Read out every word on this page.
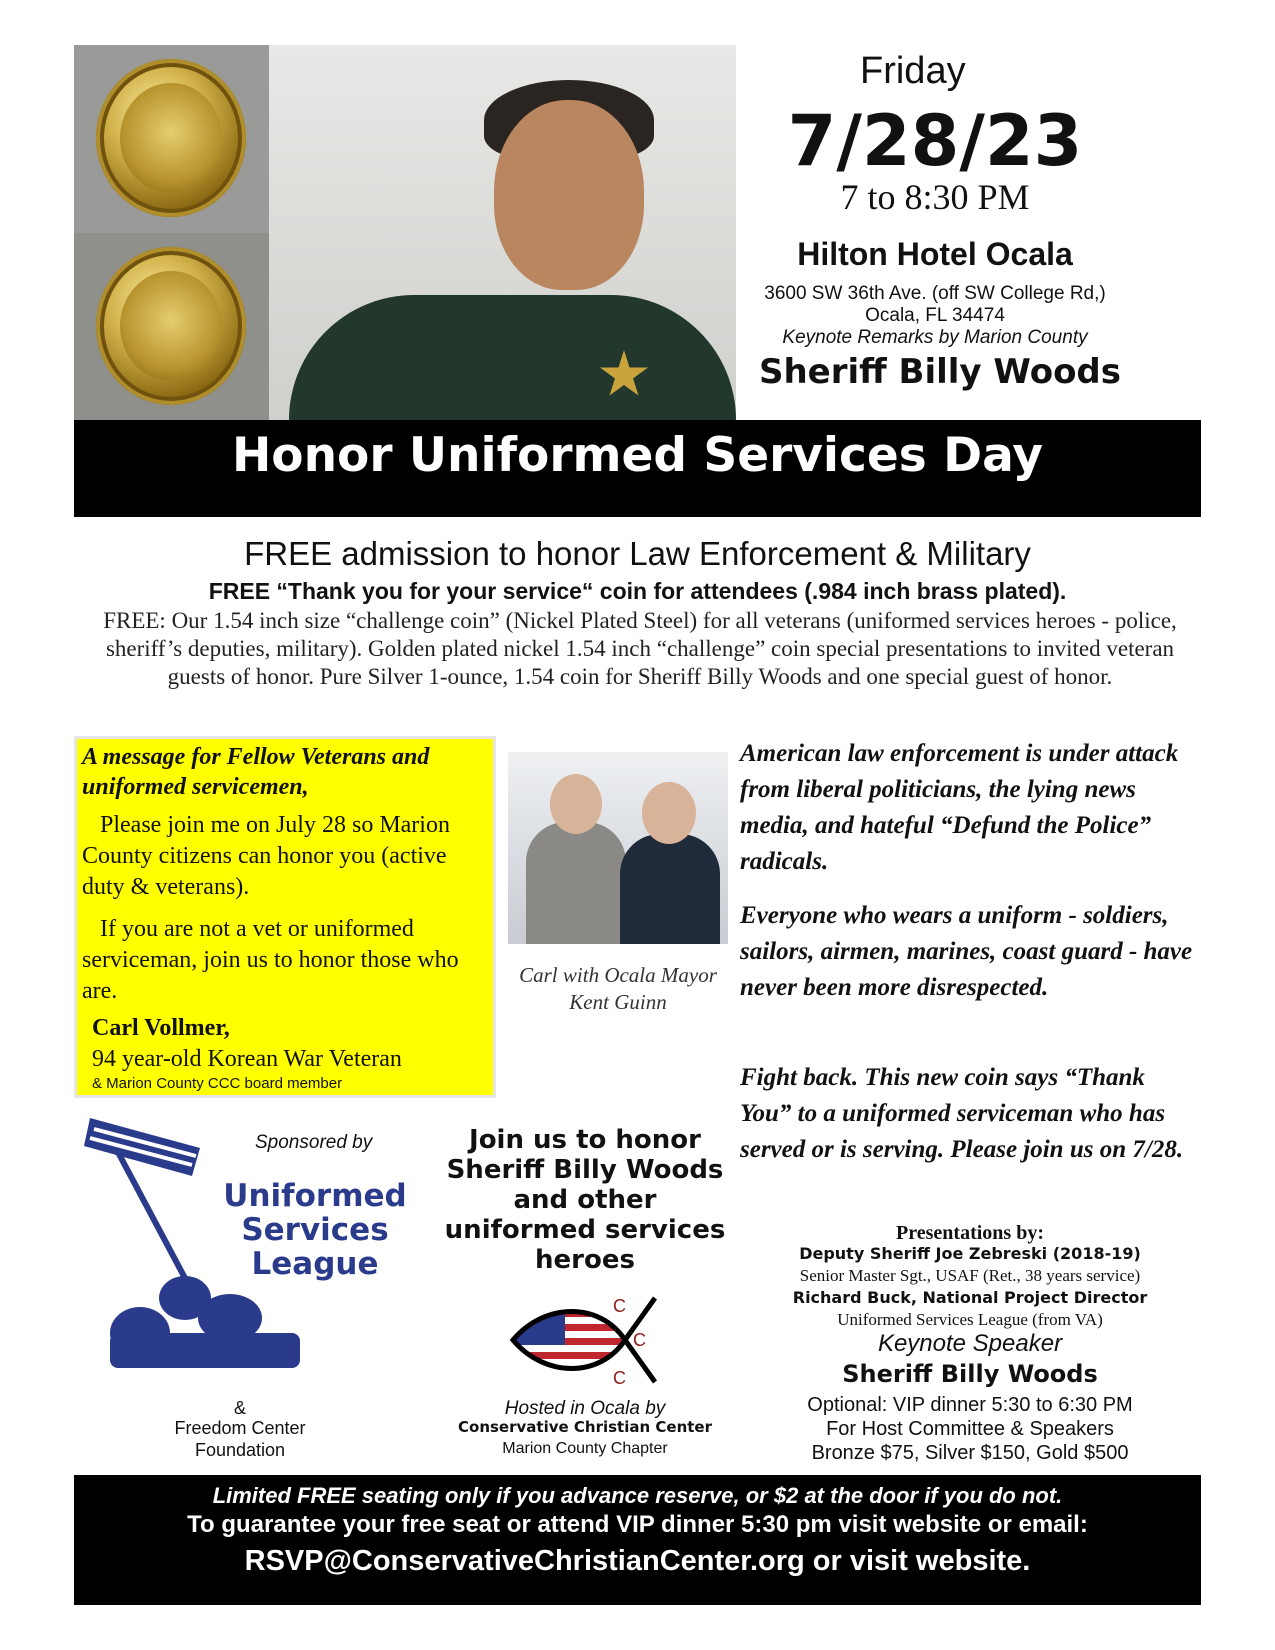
Friday
7/28/23
7 to 8:30 PM
Hilton Hotel Ocala
3600 SW 36th Ave. (off SW College Rd,)
Ocala, FL 34474
Keynote Remarks by Marion County
Sheriff Billy Woods
Honor Uniformed Services Day
FREE admission to honor Law Enforcement & Military
FREE “Thank you for your service“ coin for attendees (.984 inch brass plated).
FREE: Our 1.54 inch size “challenge coin” (Nickel Plated Steel) for all veterans (uniformed services heroes - police, sheriff’s deputies, military). Golden plated nickel 1.54 inch “challenge” coin special presentations to invited veteran guests of honor. Pure Silver 1-ounce, 1.54 coin for Sheriff Billy Woods and one special guest of honor.
A message for Fellow Veterans and uniformed servicemen,
Please join me on July 28 so Marion County citizens can honor you (active duty & veterans).
If you are not a vet or uniformed serviceman, join us to honor those who are.
Carl Vollmer,
94 year-old Korean War Veteran
& Marion County CCC board member
Carl with Ocala Mayor Kent Guinn
American law enforcement is under attack from liberal politicians, the lying news media, and hateful “Defund the Police” radicals.
Everyone who wears a uniform - soldiers, sailors, airmen, marines, coast guard - have never been more disrespected.
Fight back. This new coin says “Thank You” to a uniformed serviceman who has served or is serving. Please join us on 7/28.
Sponsored by
Uniformed
Services
League
&
Freedom Center
Foundation
Join us to honor Sheriff Billy Woods and other uniformed services heroes
C
C
C
Hosted in Ocala by
Conservative Christian Center
Marion County Chapter
Presentations by:
Deputy Sheriff Joe Zebreski (2018-19)
Senior Master Sgt., USAF (Ret., 38 years service)
Richard Buck, National Project Director
Uniformed Services League (from VA)
Keynote Speaker
Sheriff Billy Woods
Optional: VIP dinner 5:30 to 6:30 PM
For Host Committee & Speakers
Bronze $75, Silver $150, Gold $500
Limited FREE seating only if you advance reserve, or $2 at the door if you do not.
To guarantee your free seat or attend VIP dinner 5:30 pm visit website or email:
RSVP@ConservativeChristianCenter.org or visit website.
